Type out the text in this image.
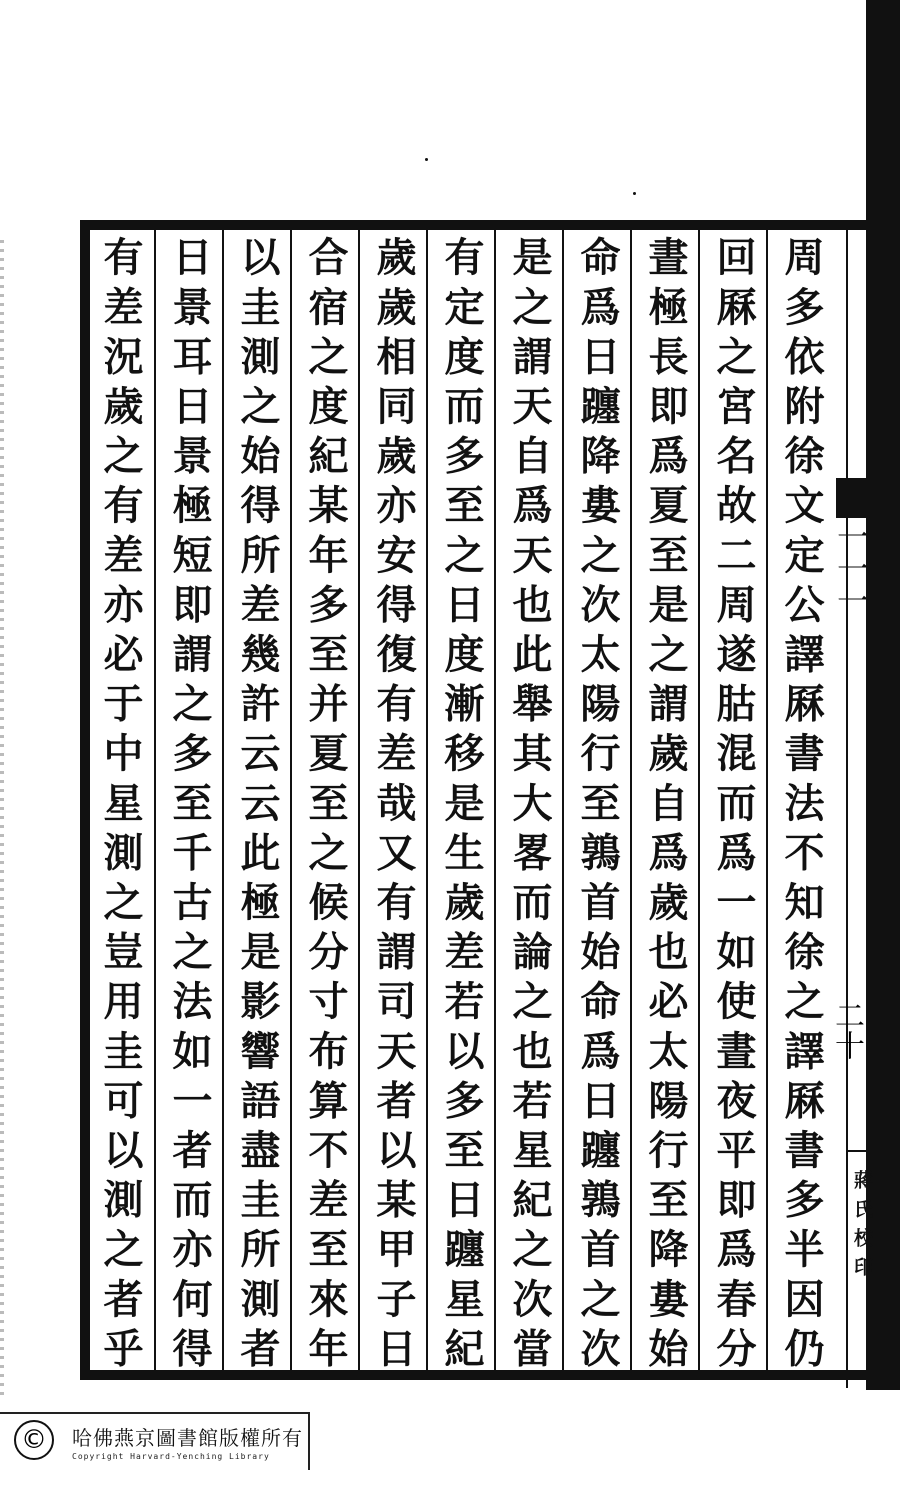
一一一
二十
蔣氏校印
周多依附徐文定公譯厤書法不知徐之譯厤書多半因仍
回厤之宮名故二周遂𦙶混而爲一如使晝夜平即爲春分
晝極長即爲夏至是之謂歲自爲歲也必太陽行至降婁始
命爲日躔降婁之次太陽行至鶉首始命爲日躔鶉首之次
是之謂天自爲天也此舉其大畧而論之也若星紀之次當
有定度而多至之日度漸移是生歲差若以多至日躔星紀
歲歲相同歲亦安得復有差哉又有謂司天者以某甲子日
合宿之度紀某年多至并夏至之候分寸布算不差至來年
以圭測之始得所差幾許云云此極是影響語盡圭所測者
日景耳日景極短即謂之多至千古之法如一者而亦何得
有差況歲之有差亦必于中星測之豈用圭可以測之者乎
©	哈佛燕京圖書館版權所有
Copyright Harvard-Yenching Library
